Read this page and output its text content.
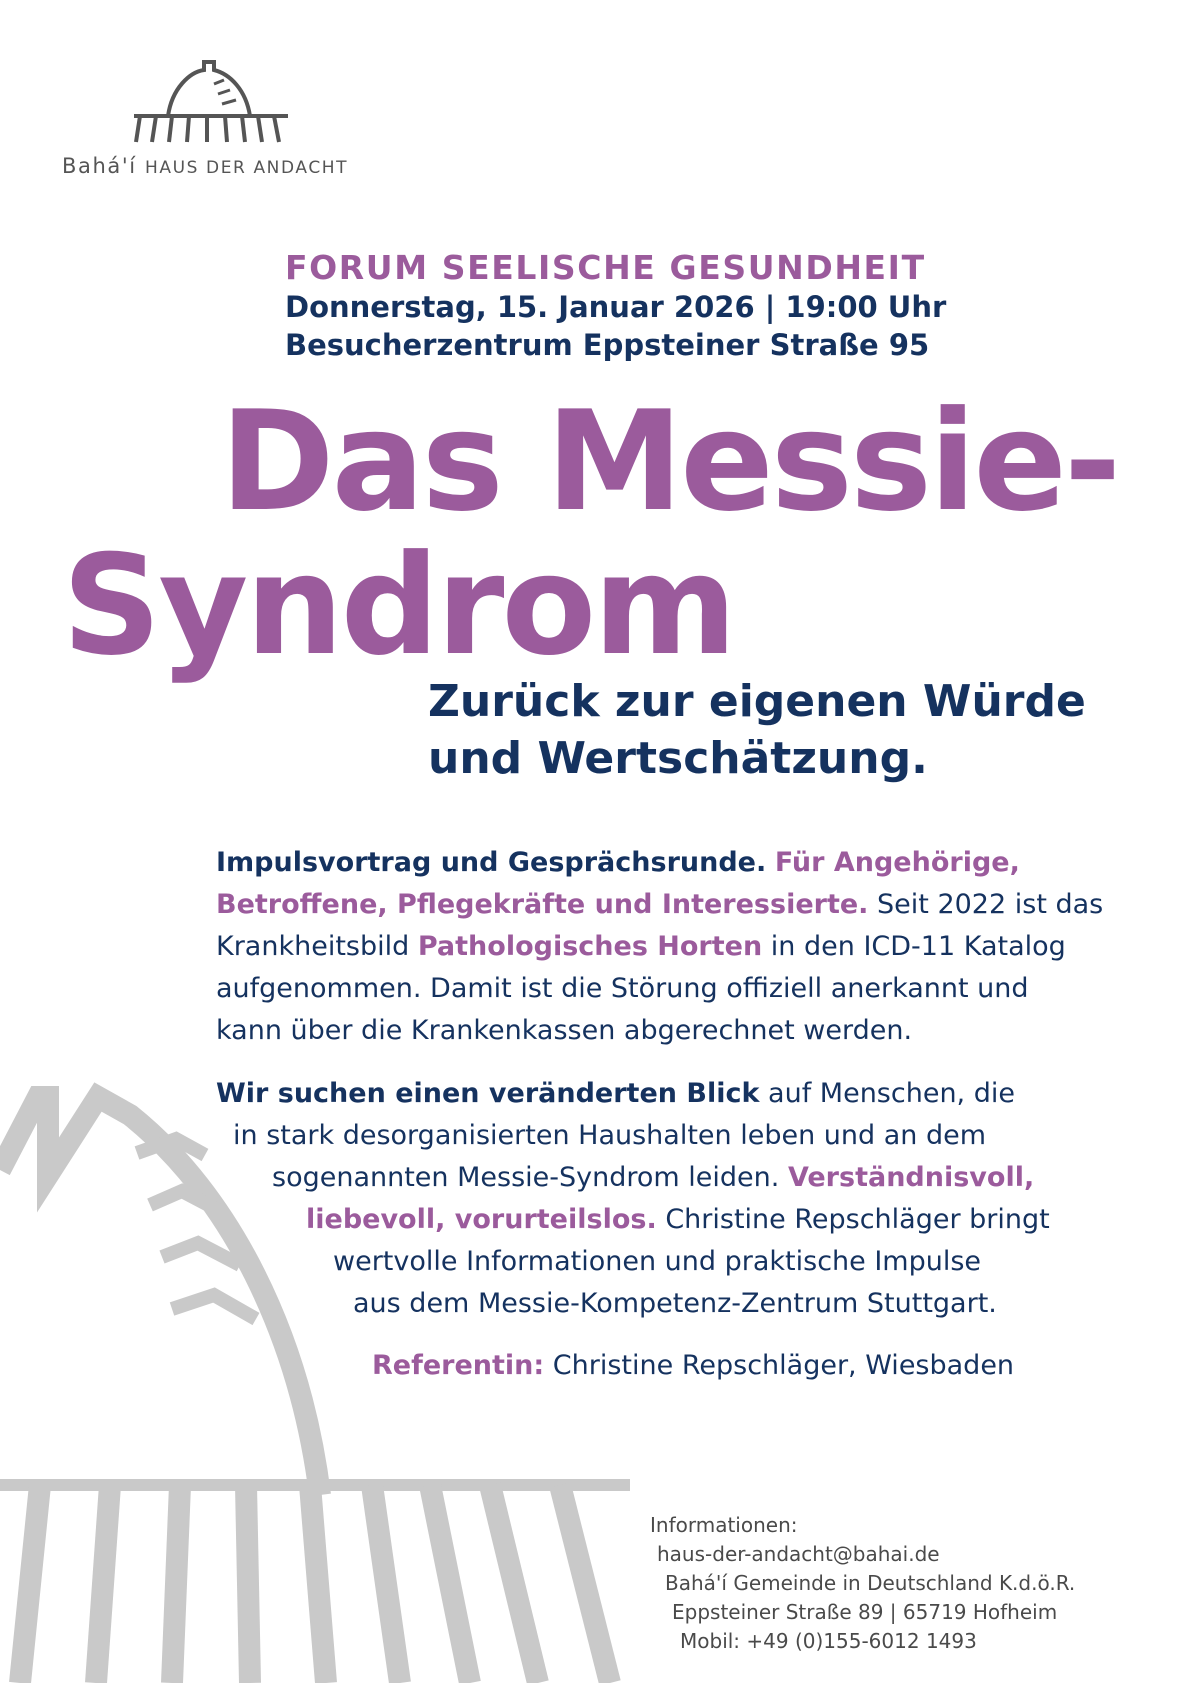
Bahá'í HAUS DER ANDACHT
FORUM SEELISCHE GESUNDHEIT
Donnerstag, 15. Januar 2026 | 19:00 Uhr
Besucherzentrum Eppsteiner Straße 95
Das Messie-
Syndrom
Zurück zur eigenen Würde
und Wertschätzung.
Impulsvortrag und Gesprächsrunde. Für Angehörige,
Betroffene, Pflegekräfte und Interessierte. Seit 2022 ist das
Krankheitsbild Pathologisches Horten in den ICD-11 Katalog
aufgenommen. Damit ist die Störung offiziell anerkannt und
kann über die Krankenkassen abgerechnet werden.
Wir suchen einen veränderten Blick auf Menschen, die
in stark desorganisierten Haushalten leben und an dem
sogenannten Messie-Syndrom leiden. Verständnisvoll,
liebevoll, vorurteilslos. Christine Repschläger bringt
wertvolle Informationen und praktische Impulse
aus dem Messie-Kompetenz-Zentrum Stuttgart.
Referentin: Christine Repschläger, Wiesbaden
Informationen:
haus-der-andacht@bahai.de
Bahá'í Gemeinde in Deutschland K.d.ö.R.
Eppsteiner Straße 89 | 65719 Hofheim
Mobil: +49 (0)155-6012 1493
